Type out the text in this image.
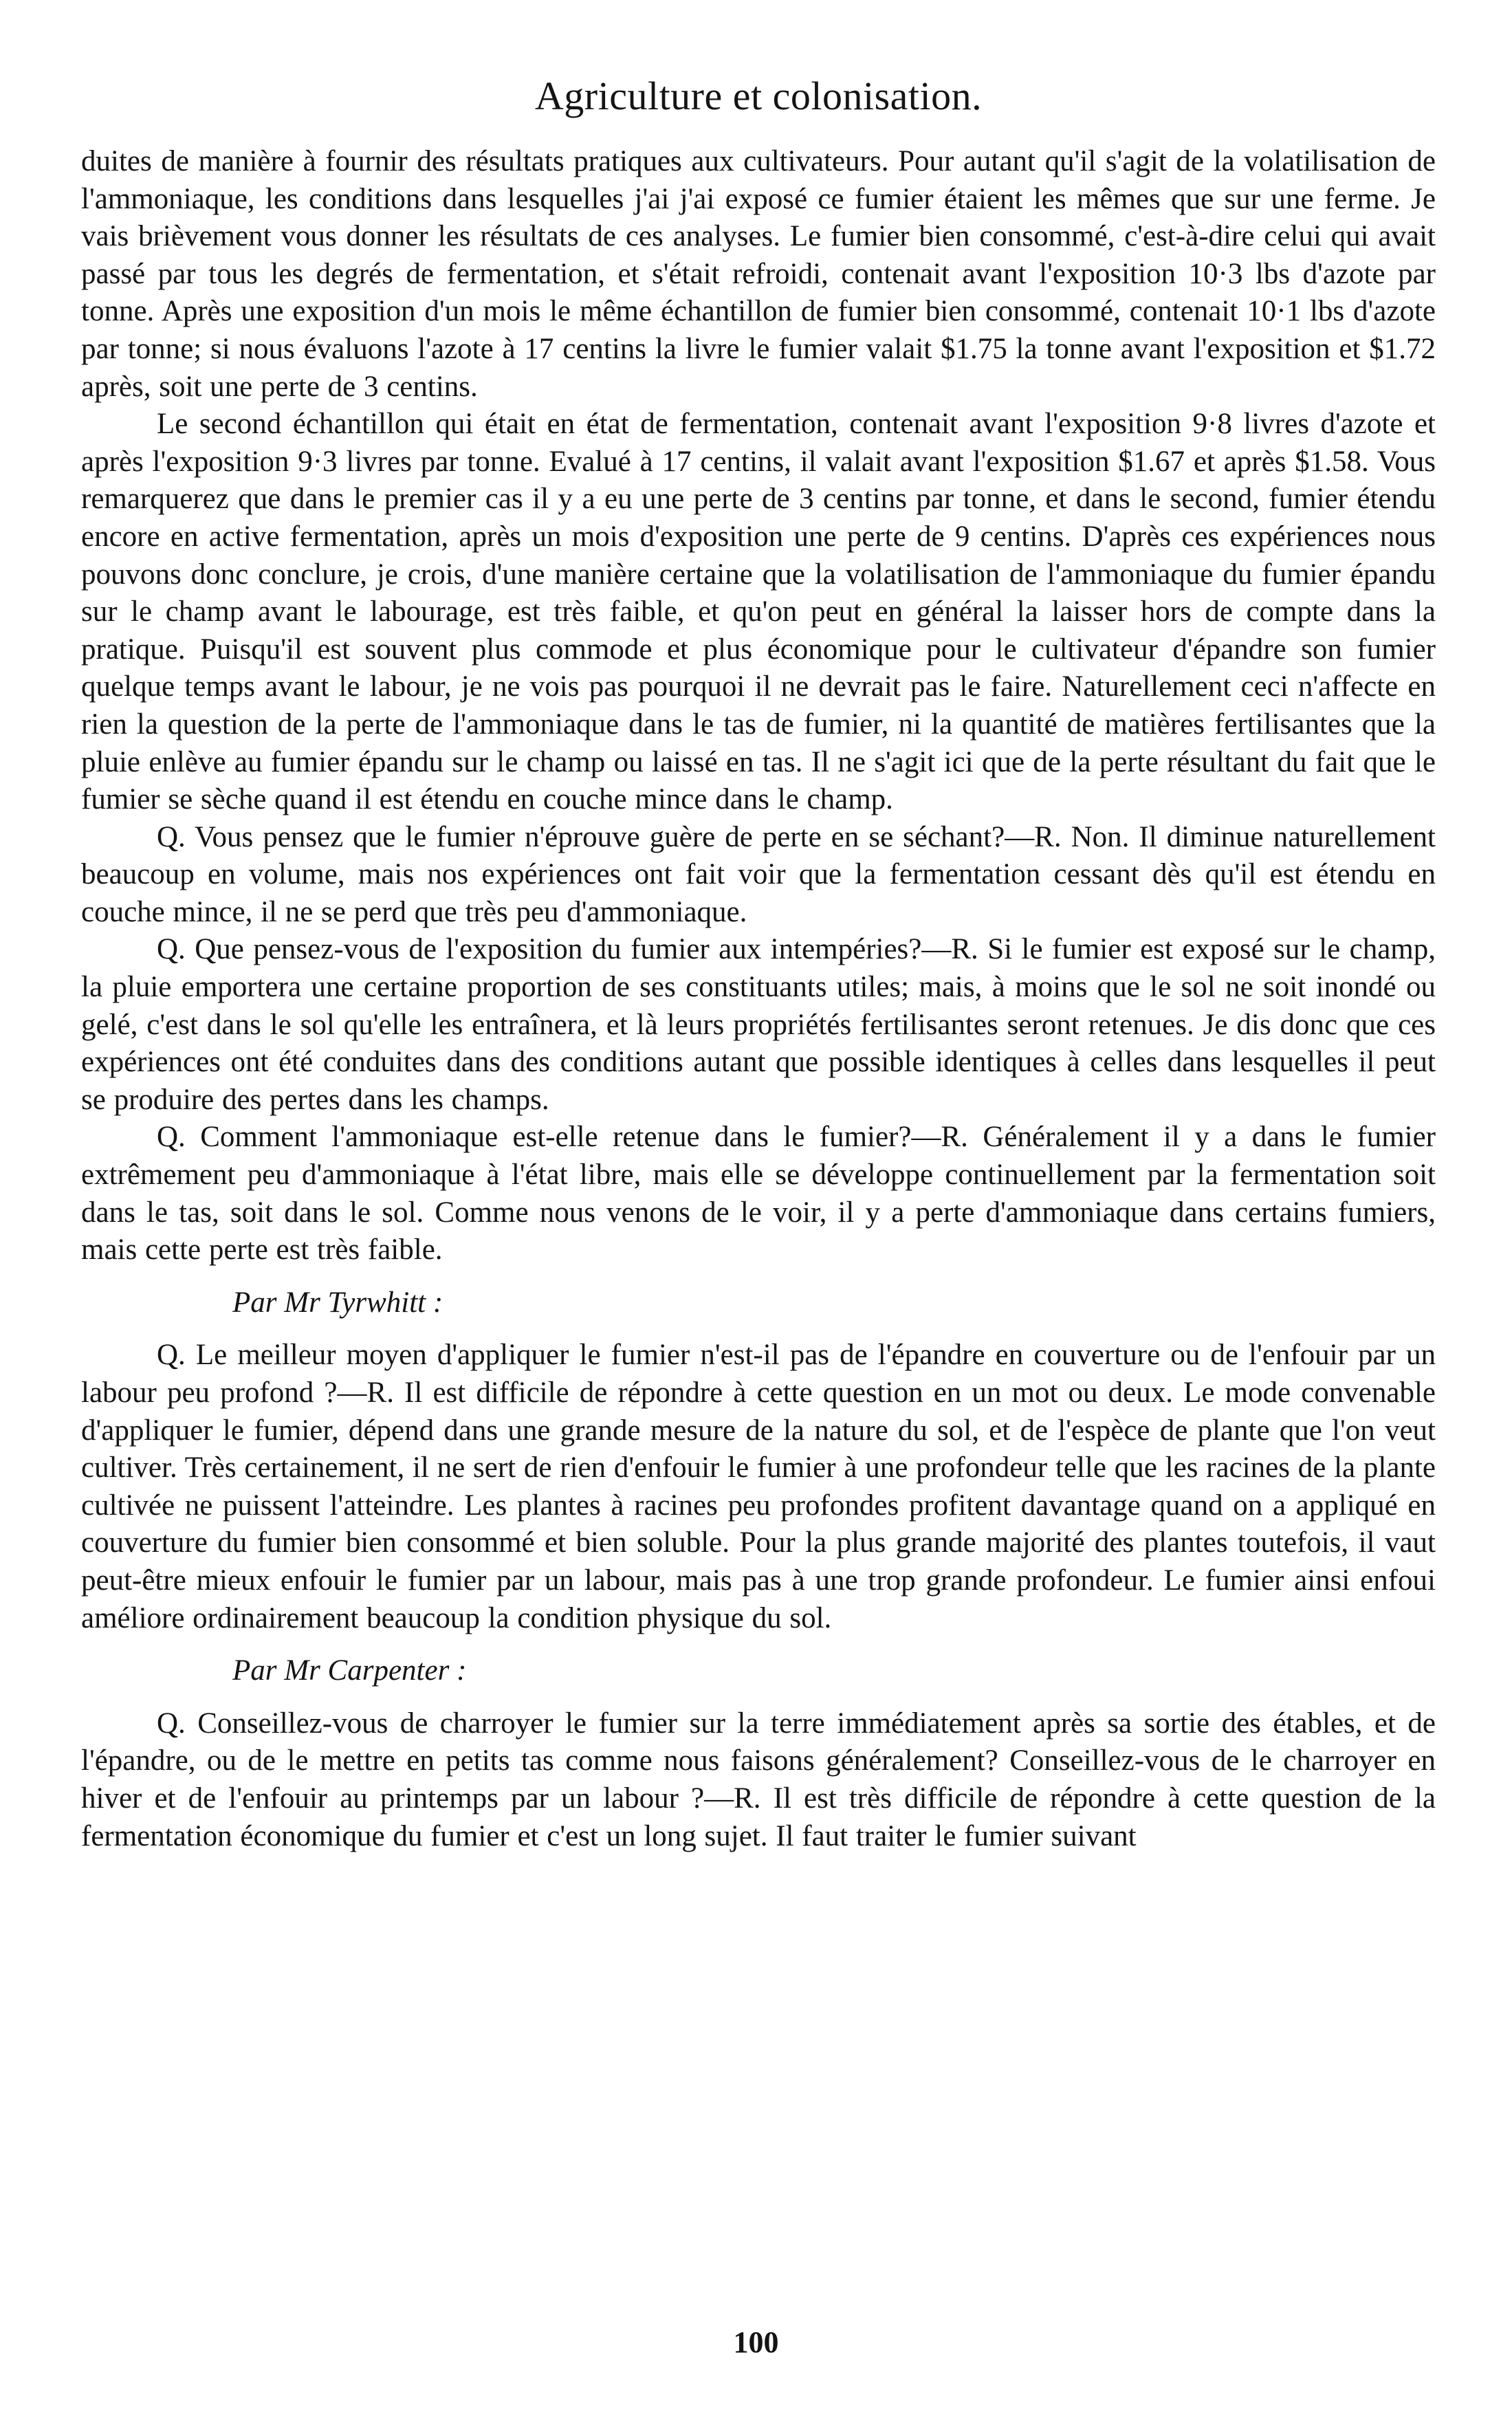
Agriculture et colonisation.

duites de manière à fournir des résultats pratiques aux cultivateurs. Pour autant qu'il s'agit de la volatilisation de l'ammoniaque, les conditions dans lesquelles j'ai j'ai exposé ce fumier étaient les mêmes que sur une ferme. Je vais brièvement vous donner les résultats de ces analyses. Le fumier bien consommé, c'est-à-dire celui qui avait passé par tous les degrés de fermentation, et s'était refroidi, contenait avant l'exposition 10·3 lbs d'azote par tonne. Après une exposition d'un mois le même échantillon de fumier bien consommé, contenait 10·1 lbs d'azote par tonne; si nous évaluons l'azote à 17 centins la livre le fumier valait $1.75 la tonne avant l'exposition et $1.72 après, soit une perte de 3 centins.

Le second échantillon qui était en état de fermentation, contenait avant l'exposition 9·8 livres d'azote et après l'exposition 9·3 livres par tonne. Evalué à 17 centins, il valait avant l'exposition $1.67 et après $1.58. Vous remarquerez que dans le premier cas il y a eu une perte de 3 centins par tonne, et dans le second, fumier étendu encore en active fermentation, après un mois d'exposition une perte de 9 centins. D'après ces expériences nous pouvons donc conclure, je crois, d'une manière certaine que la volatilisation de l'ammoniaque du fumier épandu sur le champ avant le labourage, est très faible, et qu'on peut en général la laisser hors de compte dans la pratique. Puisqu'il est souvent plus commode et plus économique pour le cultivateur d'épandre son fumier quelque temps avant le labour, je ne vois pas pourquoi il ne devrait pas le faire. Naturellement ceci n'affecte en rien la question de la perte de l'ammoniaque dans le tas de fumier, ni la quantité de matières fertilisantes que la pluie enlève au fumier épandu sur le champ ou laissé en tas. Il ne s'agit ici que de la perte résultant du fait que le fumier se sèche quand il est étendu en couche mince dans le champ.

Q. Vous pensez que le fumier n'éprouve guère de perte en se séchant?—R. Non. Il diminue naturellement beaucoup en volume, mais nos expériences ont fait voir que la fermentation cessant dès qu'il est étendu en couche mince, il ne se perd que très peu d'ammoniaque.

Q. Que pensez-vous de l'exposition du fumier aux intempéries?—R. Si le fumier est exposé sur le champ, la pluie emportera une certaine proportion de ses constituants utiles; mais, à moins que le sol ne soit inondé ou gelé, c'est dans le sol qu'elle les entraînera, et là leurs propriétés fertilisantes seront retenues. Je dis donc que ces expériences ont été conduites dans des conditions autant que possible identiques à celles dans lesquelles il peut se produire des pertes dans les champs.

Q. Comment l'ammoniaque est-elle retenue dans le fumier?—R. Généralement il y a dans le fumier extrêmement peu d'ammoniaque à l'état libre, mais elle se développe continuellement par la fermentation soit dans le tas, soit dans le sol. Comme nous venons de le voir, il y a perte d'ammoniaque dans certains fumiers, mais cette perte est très faible.

Par Mr Tyrwhitt :

Q. Le meilleur moyen d'appliquer le fumier n'est-il pas de l'épandre en couverture ou de l'enfouir par un labour peu profond ?—R. Il est difficile de répondre à cette question en un mot ou deux. Le mode convenable d'appliquer le fumier, dépend dans une grande mesure de la nature du sol, et de l'espèce de plante que l'on veut cultiver. Très certainement, il ne sert de rien d'enfouir le fumier à une profondeur telle que les racines de la plante cultivée ne puissent l'atteindre. Les plantes à racines peu profondes profitent davantage quand on a appliqué en couverture du fumier bien consommé et bien soluble. Pour la plus grande majorité des plantes toutefois, il vaut peut-être mieux enfouir le fumier par un labour, mais pas à une trop grande profondeur. Le fumier ainsi enfoui améliore ordinairement beaucoup la condition physique du sol.

Par Mr Carpenter :

Q. Conseillez-vous de charroyer le fumier sur la terre immédiatement après sa sortie des étables, et de l'épandre, ou de le mettre en petits tas comme nous faisons généralement? Conseillez-vous de le charroyer en hiver et de l'enfouir au printemps par un labour ?—R. Il est très difficile de répondre à cette question de la fermentation économique du fumier et c'est un long sujet. Il faut traiter le fumier suivant

100
